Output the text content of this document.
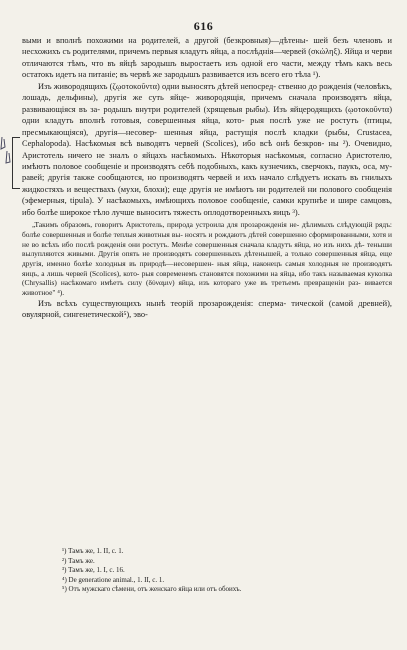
616

выми и вполнѣ похожими на родителей, а другой (безкровныя)—дѣтены- шей безъ членовъ и несхожихъ съ родителями, причемъ первыя кладутъ яйца, а послѣднія—червей (σκώληξ). Яйца и черви отличаются тѣмъ, что въ яйцѣ зародышъ выростаетъ изъ одной его части, между тѣмъ какъ весь остатокъ идетъ на питаніе; въ червѣ же зародышъ развивается изъ всего его тѣла ¹).

Изъ живородящихъ (ζῳοτοκοῦντα) одни выносятъ дѣтей непосред- ственно до рожденія (человѣкъ, лошадь, дельфины), другія же суть яйце- живородящія, причемъ сначала производятъ яйца, развивающіяся въ за- родышъ внутри родителей (хрящевыя рыбы). Изъ яйцеродящихъ (ῳοτοκοῦντα) одни кладутъ вполнѣ готовыя, совершенныя яйца, кото- рыя послѣ уже не ростутъ (птицы, пресмыкающіяся), другія—несовер- шенныя яйца, растущія послѣ кладки (рыбы, Crustacea, Cephalopoda). Насѣкомыя всѣ выводятъ червей (Scolices), ибо всѣ онѣ безкров- ны ²). Очевидно, Аристотель ничего не зналъ о яйцахъ насѣкомыхъ. Нѣкоторыя насѣкомыя, согласно Аристотелю, имѣютъ половое сообщеніе и производятъ себѣ подобныхъ, какъ кузнечикъ, сверчокъ, паукъ, оса, му- равей; другія также сообщаются, но производятъ червей и ихъ начало слѣдуетъ искать въ гнилыхъ жидкостяхъ и веществахъ (мухи, блохи); еще другія не имѣютъ ни родителей ни полового сообщенія (эфемерныя, tipula). У насѣкомыхъ, имѣющихъ половое сообщеніе, самки крупнѣе и шире самцовъ, ибо болѣе широкое тѣло лучше выноситъ тяжесть оплодотворенныхъ яицъ ³).

„Такимъ образомъ, говоритъ Аристотель, природа устроила для прозарожденія не- дѣлимыхъ слѣдующій рядъ: болѣе совершенныя и болѣе теплыя животныя вы- носятъ и рождаютъ дѣтей совершенно сформированными, хотя и не во всѣхъ ибо послѣ рожденія они ростутъ. Менѣе совершенныя сначала кладутъ яйца, но изъ нихъ дѣ- теныши вылупляются живыми. Другія опять не производятъ совершенныхъ дѣтенышей, а только совершенныя яйца, еще другія, именно болѣе холодныя въ природѣ—несовершен- ныя яйца, наконецъ самыя холодныя не производятъ яицъ, а лишь червей (Scolices), кото- рыя современемъ становятся похожими на яйца, ибо такъ называемая куколка (Chrysallis) насѣкомаго имѣетъ силу (δύναμιν) яйца, изъ котораго уже въ третьемъ превращеніи раз- вивается животное" ⁴).

Изъ всѣхъ существующихъ нынѣ теорій прозарожденія: сперма- тической (самой древней), овулярной, сингенетической⁵), эво-

¹) Тамъ же, 1. II, c. 1.

²) Тамъ же.

³) Тамъ же, 1. I, c. 16.

⁴) De generatione animal., 1. II, c. 1.

⁵) Отъ мужскаго сѣмени, отъ женскаго яйца или отъ обоихъ.
